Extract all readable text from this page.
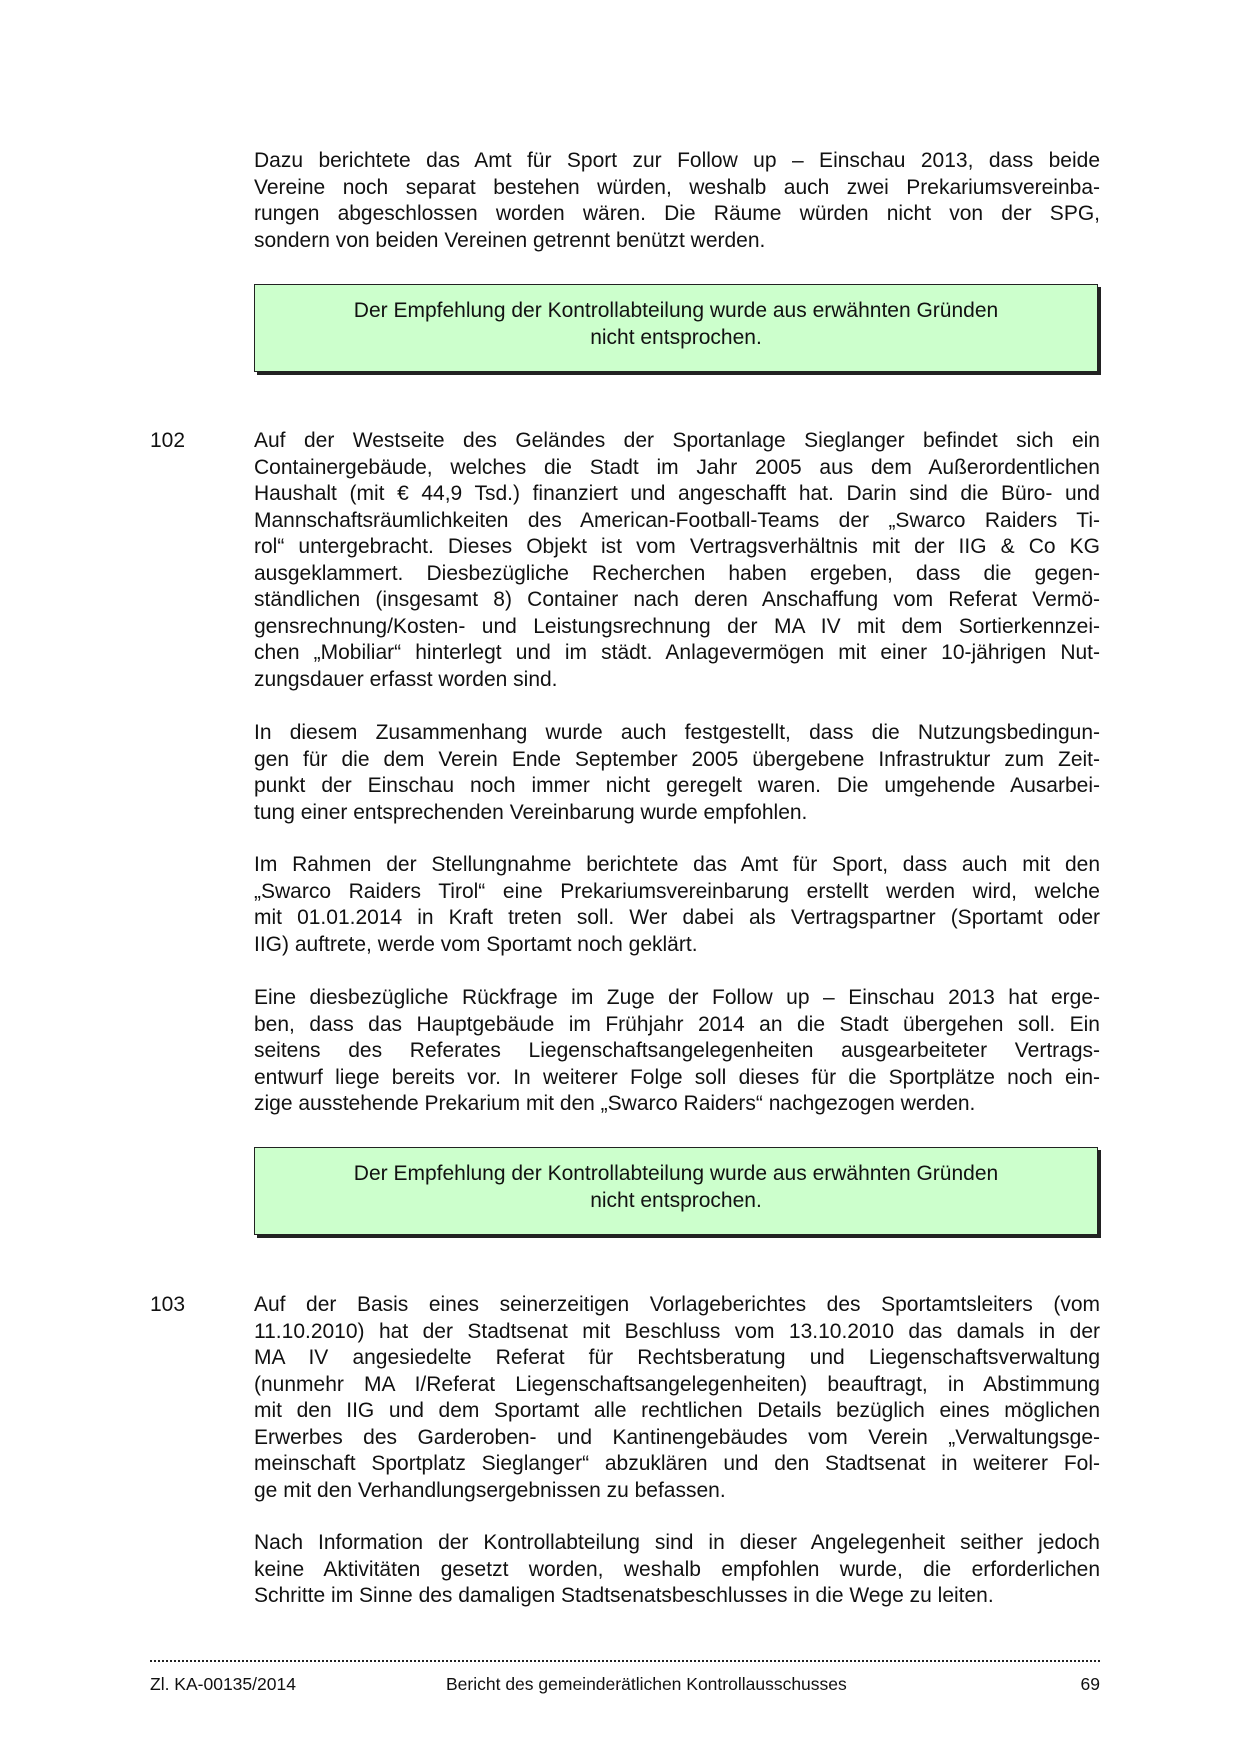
Dazu berichtete das Amt für Sport zur Follow up – Einschau 2013, dass beide
Vereine noch separat bestehen würden, weshalb auch zwei Prekariumsvereinba-
rungen abgeschlossen worden wären. Die Räume würden nicht von der SPG,
sondern von beiden Vereinen getrennt benützt werden.
Der Empfehlung der Kontrollabteilung wurde aus erwähnten Gründen
nicht entsprochen.
102	Auf der Westseite des Geländes der Sportanlage Sieglanger befindet sich ein
Containergebäude, welches die Stadt im Jahr 2005 aus dem Außerordentlichen
Haushalt (mit € 44,9 Tsd.) finanziert und angeschafft hat. Darin sind die Büro- und
Mannschaftsräumlichkeiten des American-Football-Teams der „Swarco Raiders Ti-
rol“ untergebracht. Dieses Objekt ist vom Vertragsverhältnis mit der IIG & Co KG
ausgeklammert. Diesbezügliche Recherchen haben ergeben, dass die gegen-
ständlichen (insgesamt 8) Container nach deren Anschaffung vom Referat Vermö-
gensrechnung/Kosten- und Leistungsrechnung der MA IV mit dem Sortierkennzei-
chen „Mobiliar“ hinterlegt und im städt. Anlagevermögen mit einer 10-jährigen Nut-
zungsdauer erfasst worden sind.
In diesem Zusammenhang wurde auch festgestellt, dass die Nutzungsbedingun-
gen für die dem Verein Ende September 2005 übergebene Infrastruktur zum Zeit-
punkt der Einschau noch immer nicht geregelt waren. Die umgehende Ausarbei-
tung einer entsprechenden Vereinbarung wurde empfohlen.
Im Rahmen der Stellungnahme berichtete das Amt für Sport, dass auch mit den
„Swarco Raiders Tirol“ eine Prekariumsvereinbarung erstellt werden wird, welche
mit 01.01.2014 in Kraft treten soll. Wer dabei als Vertragspartner (Sportamt oder
IIG) auftrete, werde vom Sportamt noch geklärt.
Eine diesbezügliche Rückfrage im Zuge der Follow up – Einschau 2013 hat erge-
ben, dass das Hauptgebäude im Frühjahr 2014 an die Stadt übergehen soll. Ein
seitens des Referates Liegenschaftsangelegenheiten ausgearbeiteter Vertrags-
entwurf liege bereits vor. In weiterer Folge soll dieses für die Sportplätze noch ein-
zige ausstehende Prekarium mit den „Swarco Raiders“ nachgezogen werden.
Der Empfehlung der Kontrollabteilung wurde aus erwähnten Gründen
nicht entsprochen.
103	Auf der Basis eines seinerzeitigen Vorlageberichtes des Sportamtsleiters (vom
11.10.2010) hat der Stadtsenat mit Beschluss vom 13.10.2010 das damals in der
MA IV angesiedelte Referat für Rechtsberatung und Liegenschaftsverwaltung
(nunmehr MA I/Referat Liegenschaftsangelegenheiten) beauftragt, in Abstimmung
mit den IIG und dem Sportamt alle rechtlichen Details bezüglich eines möglichen
Erwerbes des Garderoben- und Kantinengebäudes vom Verein „Verwaltungsge-
meinschaft Sportplatz Sieglanger“ abzuklären und den Stadtsenat in weiterer Fol-
ge mit den Verhandlungsergebnissen zu befassen.
Nach Information der Kontrollabteilung sind in dieser Angelegenheit seither jedoch
keine Aktivitäten gesetzt worden, weshalb empfohlen wurde, die erforderlichen
Schritte im Sinne des damaligen Stadtsenatsbeschlusses in die Wege zu leiten.
Zl. KA-00135/2014	Bericht des gemeinderätlichen Kontrollausschusses	69
